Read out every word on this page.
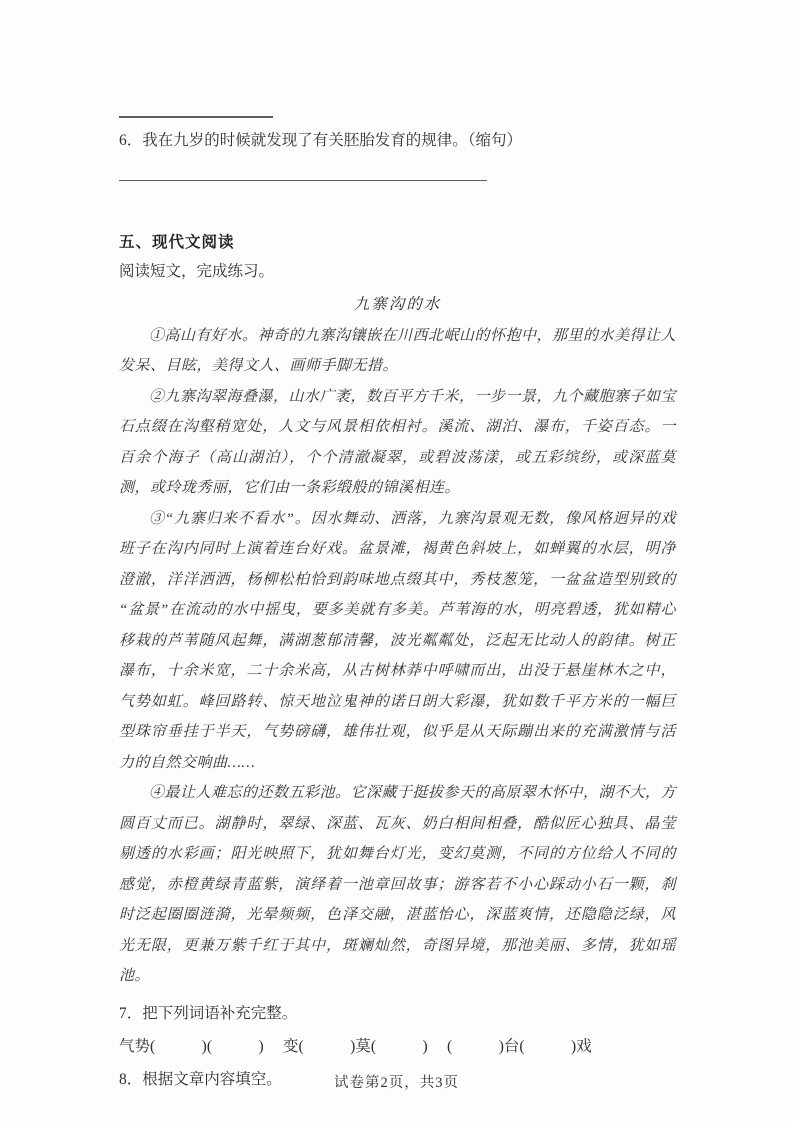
6．我在九岁的时候就发现了有关胚胎发育的规律。（缩句）

五、现代文阅读

阅读短文，完成练习。

九寨沟的水

①高山有好水。神奇的九寨沟镶嵌在川西北岷山的怀抱中，那里的水美得让人发呆、目眩，美得文人、画师手脚无措。

②九寨沟翠海叠瀑，山水广袤，数百平方千米，一步一景，九个藏胞寨子如宝石点缀在沟壑稍宽处，人文与风景相依相衬。溪流、湖泊、瀑布，千姿百态。一百余个海子（高山湖泊），个个清澈凝翠，或碧波荡漾，或五彩缤纷，或深蓝莫测，或玲珑秀丽，它们由一条彩缎般的锦溪相连。

③“九寨归来不看水”。因水舞动、洒落，九寨沟景观无数，像风格迥异的戏班子在沟内同时上演着连台好戏。盆景滩，褐黄色斜坡上，如蝉翼的水层，明净澄澈，洋洋洒洒，杨柳松柏恰到韵味地点缀其中，秀枝葱笼，一盆盆造型别致的“盆景”在流动的水中摇曳，要多美就有多美。芦苇海的水，明亮碧透，犹如精心移栽的芦苇随风起舞，满湖葱郁清馨，波光粼粼处，泛起无比动人的韵律。树正瀑布，十余米宽，二十余米高，从古树林莽中呼啸而出，出没于悬崖林木之中，气势如虹。峰回路转、惊天地泣鬼神的诺日朗大彩瀑，犹如数千平方米的一幅巨型珠帘垂挂于半天，气势磅礴，雄伟壮观，似乎是从天际蹦出来的充满激情与活力的自然交响曲……

④最让人难忘的还数五彩池。它深藏于挺拔参天的高原翠木怀中，湖不大，方圆百丈而已。湖静时，翠绿、深蓝、瓦灰、奶白相间相叠，酷似匠心独具、晶莹剔透的水彩画；阳光映照下，犹如舞台灯光，变幻莫测，不同的方位给人不同的感觉，赤橙黄绿青蓝紫，演绎着一池章回故事；游客若不小心踩动小石一颗，刹时泛起圈圈涟漪，光晕频频，色泽交融，湛蓝怡心，深蓝爽情，还隐隐泛绿，风光无限，更兼万紫千红于其中，斑斓灿然，奇图异境，那池美丽、多情，犹如瑶池。

7．把下列词语补充完整。

气势(　　　)(　　　)　 变(　　　)莫(　　　)　 (　　　)台(　　　)戏

8．根据文章内容填空。	试卷第2页，共3页
